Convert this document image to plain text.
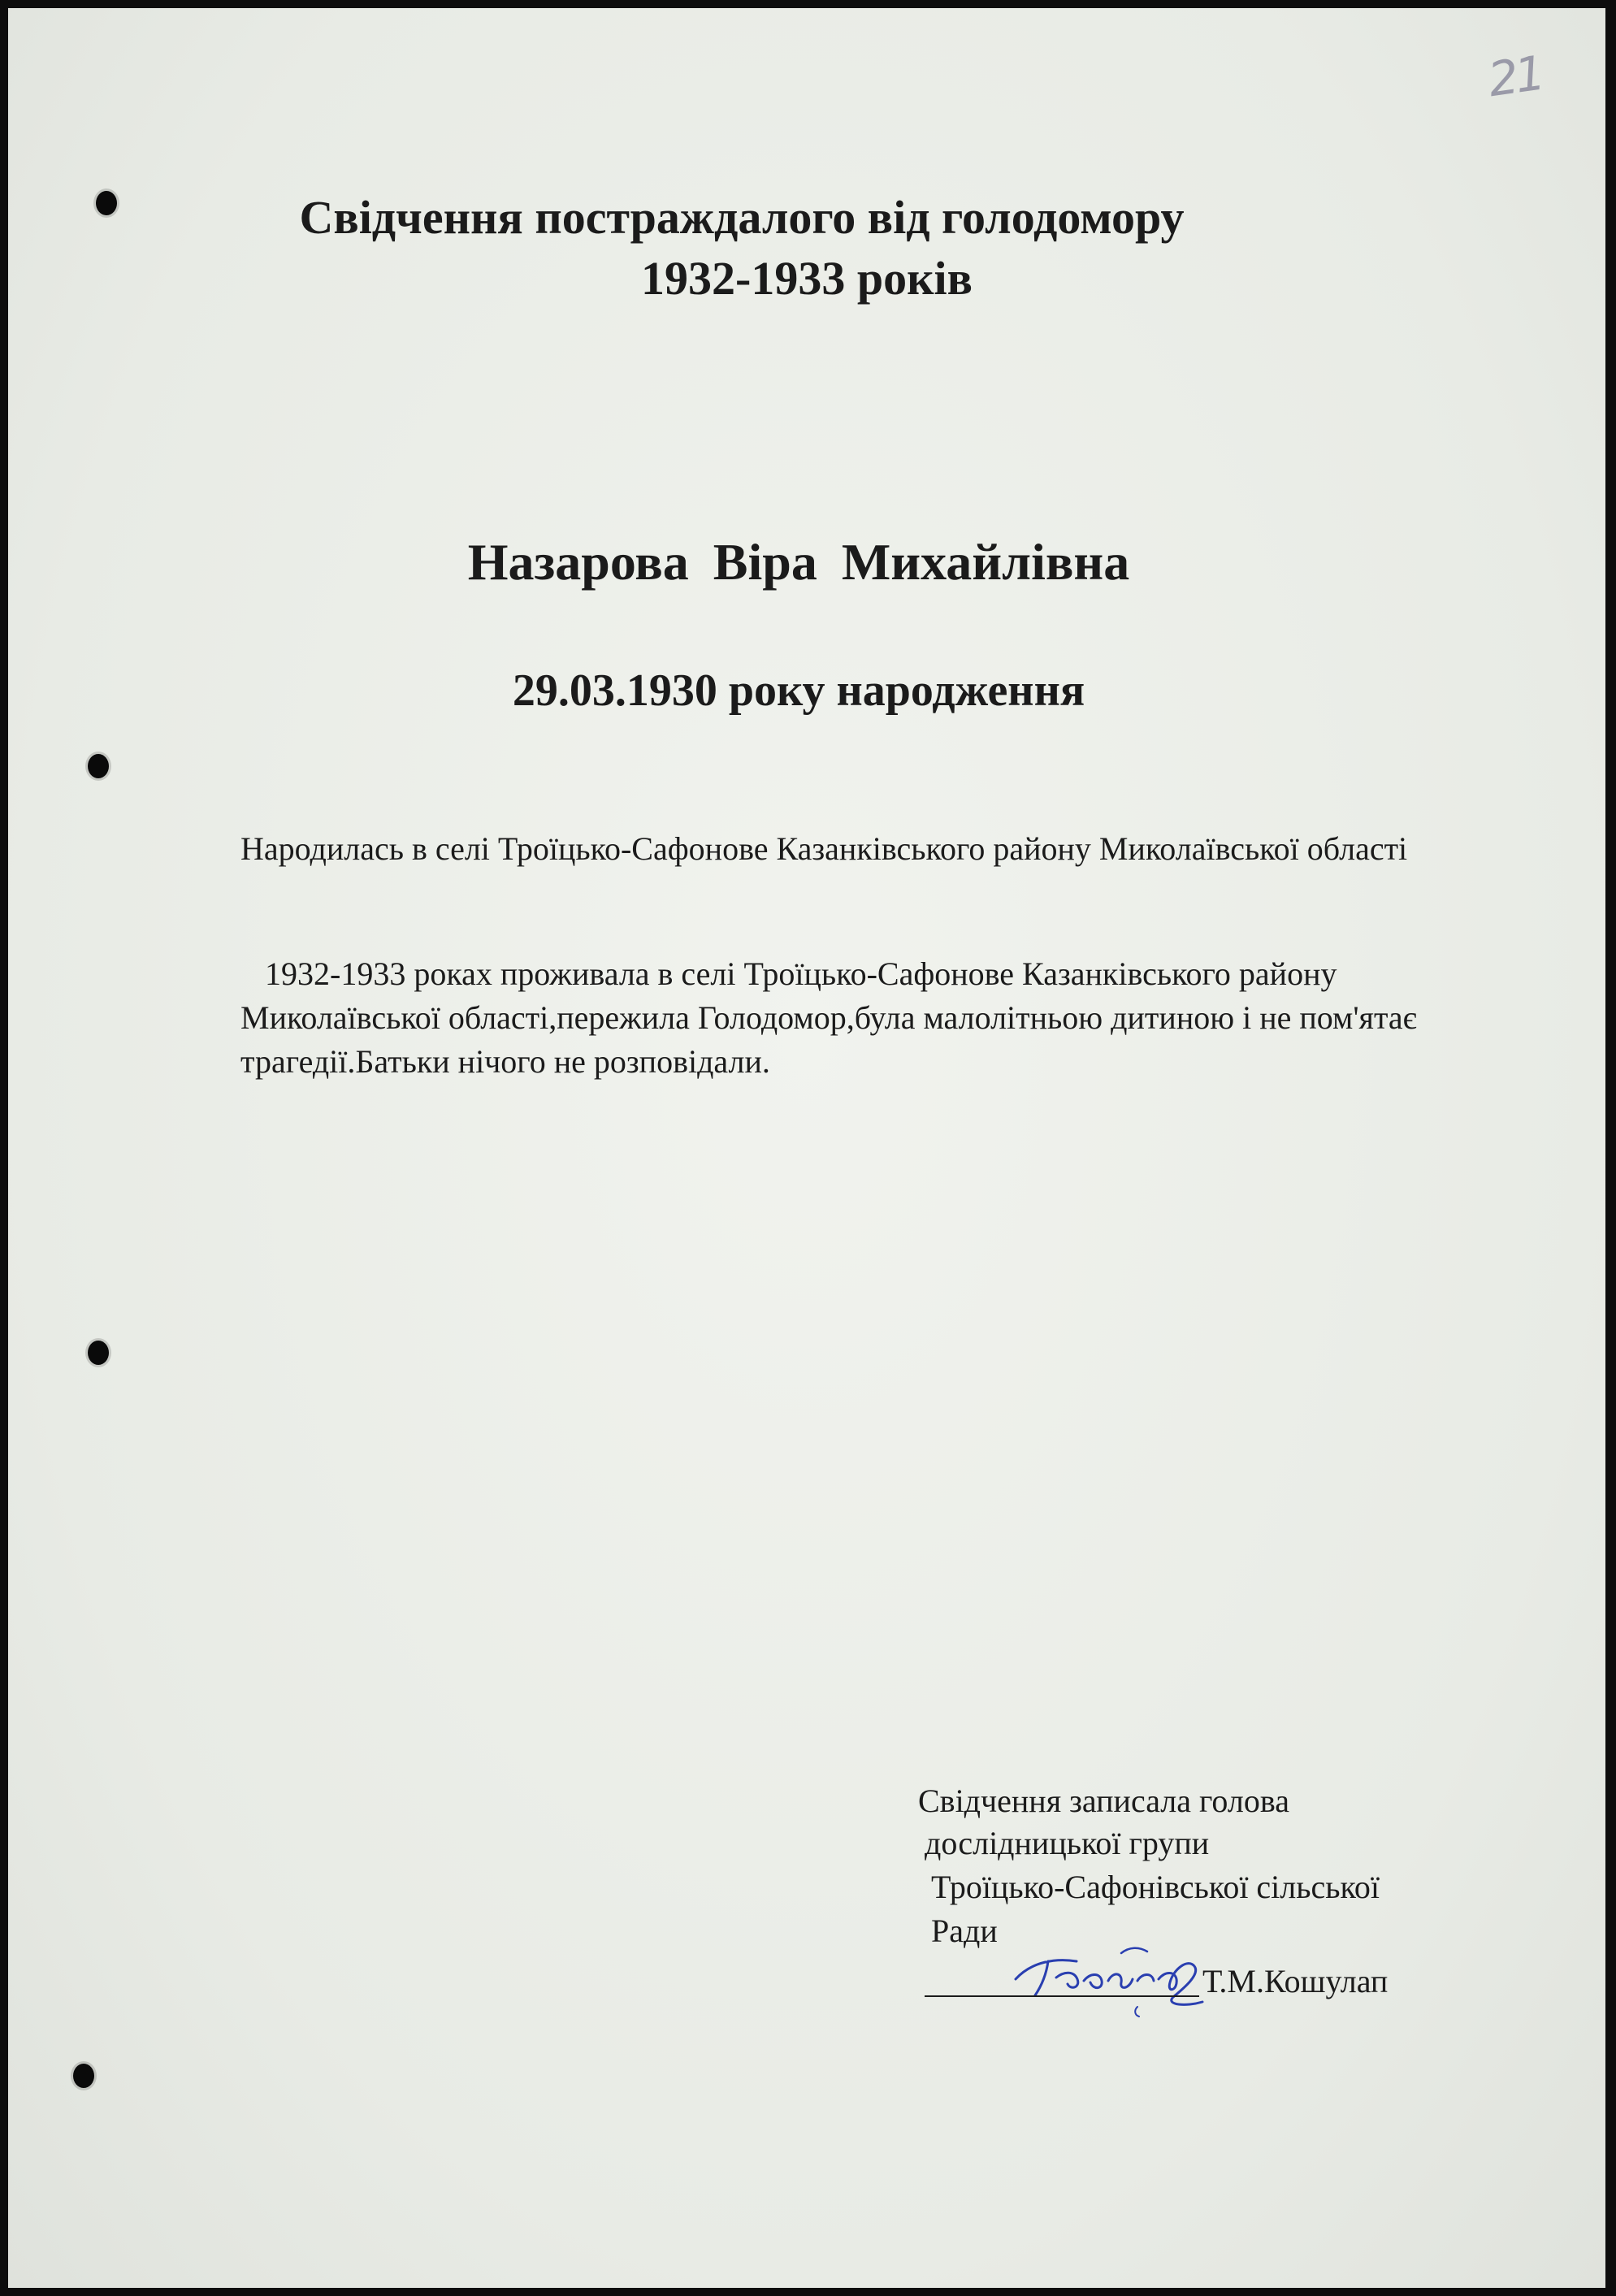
21
Свідчення постраждалого від голодомору
1932-1933 років
Назарова Віра Михайлівна
29.03.1930 року народження
Народилась в селі Троїцько-Сафонове Казанківського району Миколаївської області
1932-1933 роках проживала в селі Троїцько-Сафонове Казанківського району Миколаївської області,пережила Голодомор,була малолітньою дитиною і не пом'ятає трагедії.Батьки нічого не розповідали.
Свідчення записала голова
дослідницької групи
Троїцько-Сафонівської сільської
Ради
Т.М.Кошулап
